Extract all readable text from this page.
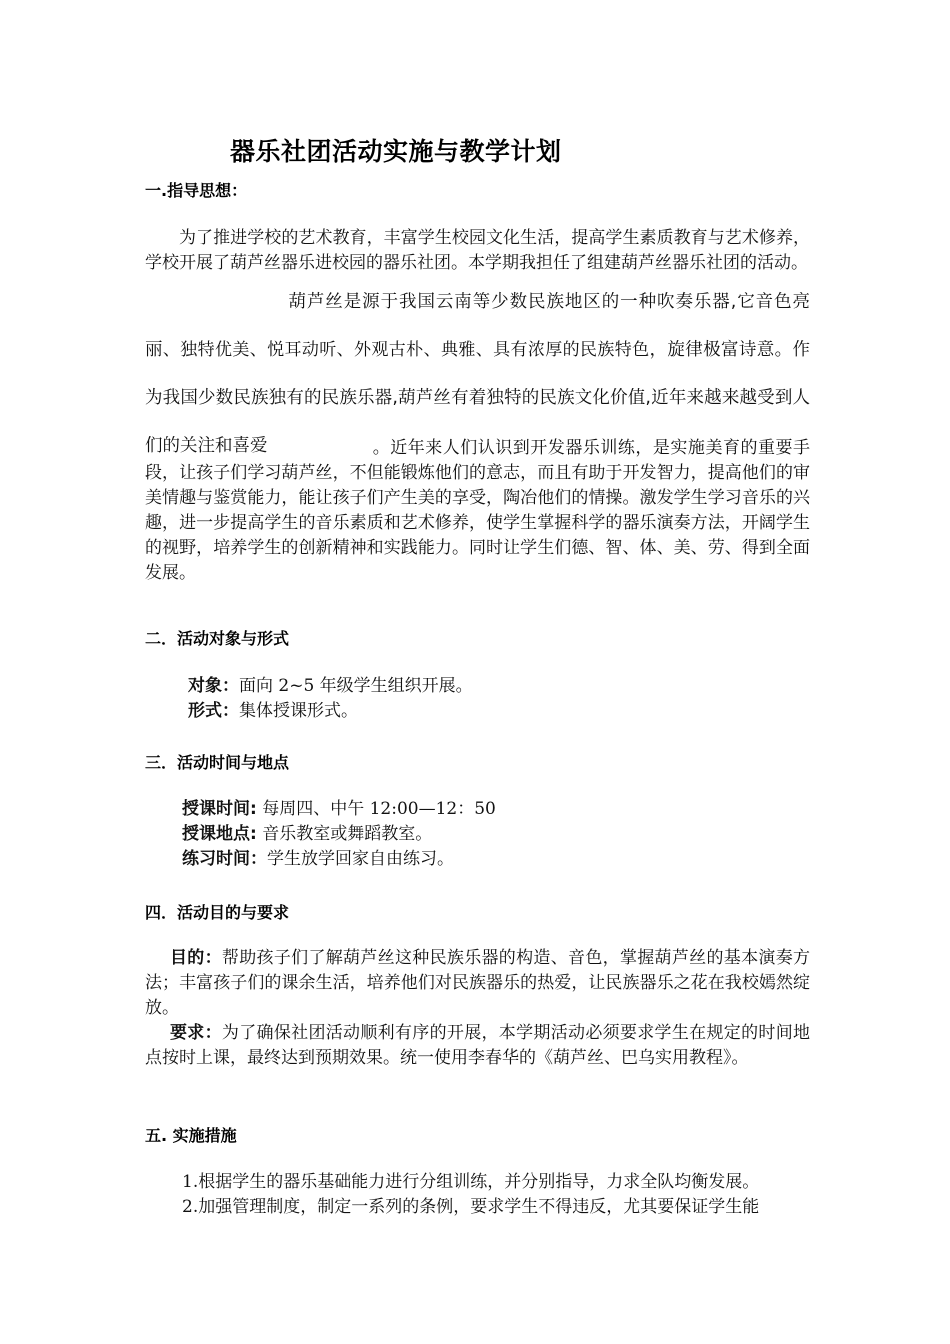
器乐社团活动实施与教学计划
一.指导思想：
为了推进学校的艺术教育，丰富学生校园文化生活，提高学生素质教育与艺术修养，学校开展了葫芦丝器乐进校园的器乐社团。本学期我担任了组建葫芦丝器乐社团的活动。
葫芦丝是源于我国云南等少数民族地区的一种吹奏乐器,它音色亮丽、独特优美、悦耳动听、外观古朴、典雅、具有浓厚的民族特色，旋律极富诗意。作为我国少数民族独有的民族乐器,葫芦丝有着独特的民族文化价值,近年来越来越受到人们的关注和喜爱	。近年来人们认识到开发器乐训练，是实施美育的重要手段，让孩子们学习葫芦丝，不但能锻炼他们的意志，而且有助于开发智力，提高他们的审美情趣与鉴赏能力，能让孩子们产生美的享受，陶冶他们的情操。激发学生学习音乐的兴趣，进一步提高学生的音乐素质和艺术修养，使学生掌握科学的器乐演奏方法，开阔学生的视野，培养学生的创新精神和实践能力。同时让学生们德、智、体、美、劳、得到全面发展。
二．活动对象与形式
对象：面向 2~5 年级学生组织开展。
形式：集体授课形式。
三．活动时间与地点
授课时间: 每周四、中午 12:00—12：50
授课地点: 音乐教室或舞蹈教室。
练习时间：学生放学回家自由练习。
四．活动目的与要求
目的：帮助孩子们了解葫芦丝这种民族乐器的构造、音色，掌握葫芦丝的基本演奏方法；丰富孩子们的课余生活，培养他们对民族器乐的热爱，让民族器乐之花在我校嫣然绽放。
要求：为了确保社团活动顺利有序的开展，本学期活动必须要求学生在规定的时间地点按时上课，最终达到预期效果。统一使用李春华的《葫芦丝、巴乌实用教程》。
五. 实施措施
1.根据学生的器乐基础能力进行分组训练，并分别指导，力求全队均衡发展。
2.加强管理制度，制定一系列的条例，要求学生不得违反，尤其要保证学生能
